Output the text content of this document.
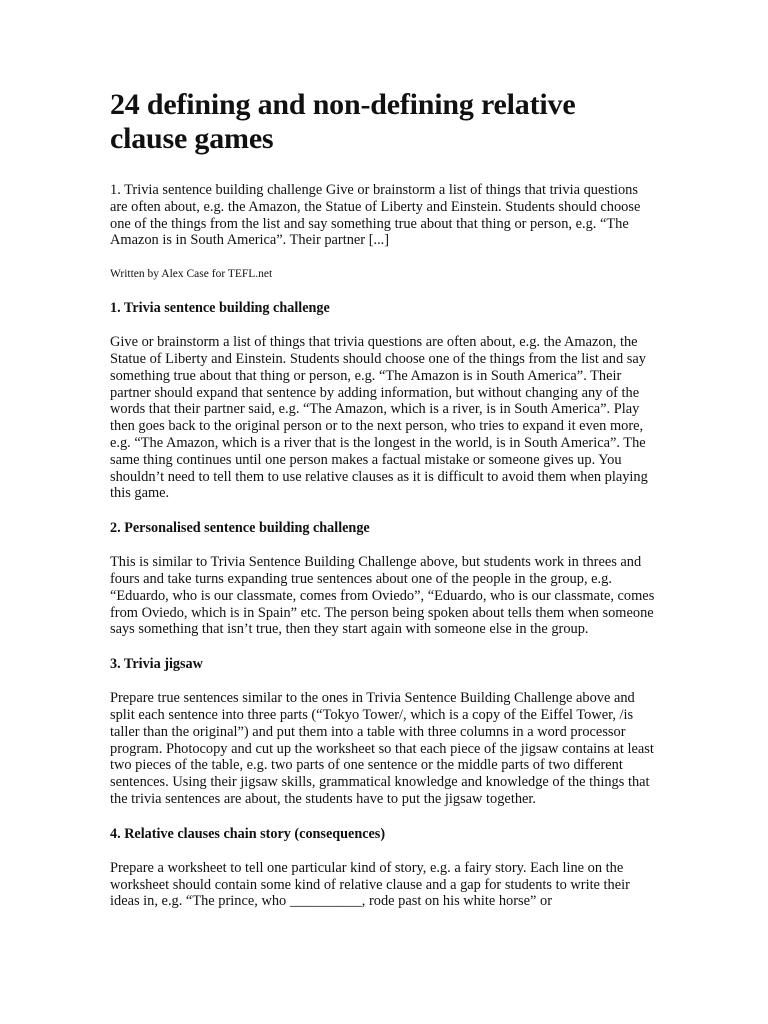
24 defining and non-defining relative clause games

1. Trivia sentence building challenge Give or brainstorm a list of things that trivia questions are often about, e.g. the Amazon, the Statue of Liberty and Einstein. Students should choose one of the things from the list and say something true about that thing or person, e.g. “The Amazon is in South America”. Their partner [...]

Written by Alex Case for TEFL.net

1. Trivia sentence building challenge

Give or brainstorm a list of things that trivia questions are often about, e.g. the Amazon, the Statue of Liberty and Einstein. Students should choose one of the things from the list and say something true about that thing or person, e.g. “The Amazon is in South America”. Their partner should expand that sentence by adding information, but without changing any of the words that their partner said, e.g. “The Amazon, which is a river, is in South America”. Play then goes back to the original person or to the next person, who tries to expand it even more, e.g. “The Amazon, which is a river that is the longest in the world, is in South America”. The same thing continues until one person makes a factual mistake or someone gives up. You shouldn’t need to tell them to use relative clauses as it is difficult to avoid them when playing this game.

2. Personalised sentence building challenge

This is similar to Trivia Sentence Building Challenge above, but students work in threes and fours and take turns expanding true sentences about one of the people in the group, e.g. “Eduardo, who is our classmate, comes from Oviedo”, “Eduardo, who is our classmate, comes from Oviedo, which is in Spain” etc. The person being spoken about tells them when someone says something that isn’t true, then they start again with someone else in the group.

3. Trivia jigsaw

Prepare true sentences similar to the ones in Trivia Sentence Building Challenge above and split each sentence into three parts (“Tokyo Tower/, which is a copy of the Eiffel Tower, /is taller than the original”) and put them into a table with three columns in a word processor program. Photocopy and cut up the worksheet so that each piece of the jigsaw contains at least two pieces of the table, e.g. two parts of one sentence or the middle parts of two different sentences. Using their jigsaw skills, grammatical knowledge and knowledge of the things that the trivia sentences are about, the students have to put the jigsaw together.

4. Relative clauses chain story (consequences)

Prepare a worksheet to tell one particular kind of story, e.g. a fairy story. Each line on the worksheet should contain some kind of relative clause and a gap for students to write their ideas in, e.g. “The prince, who __________, rode past on his white horse” or
